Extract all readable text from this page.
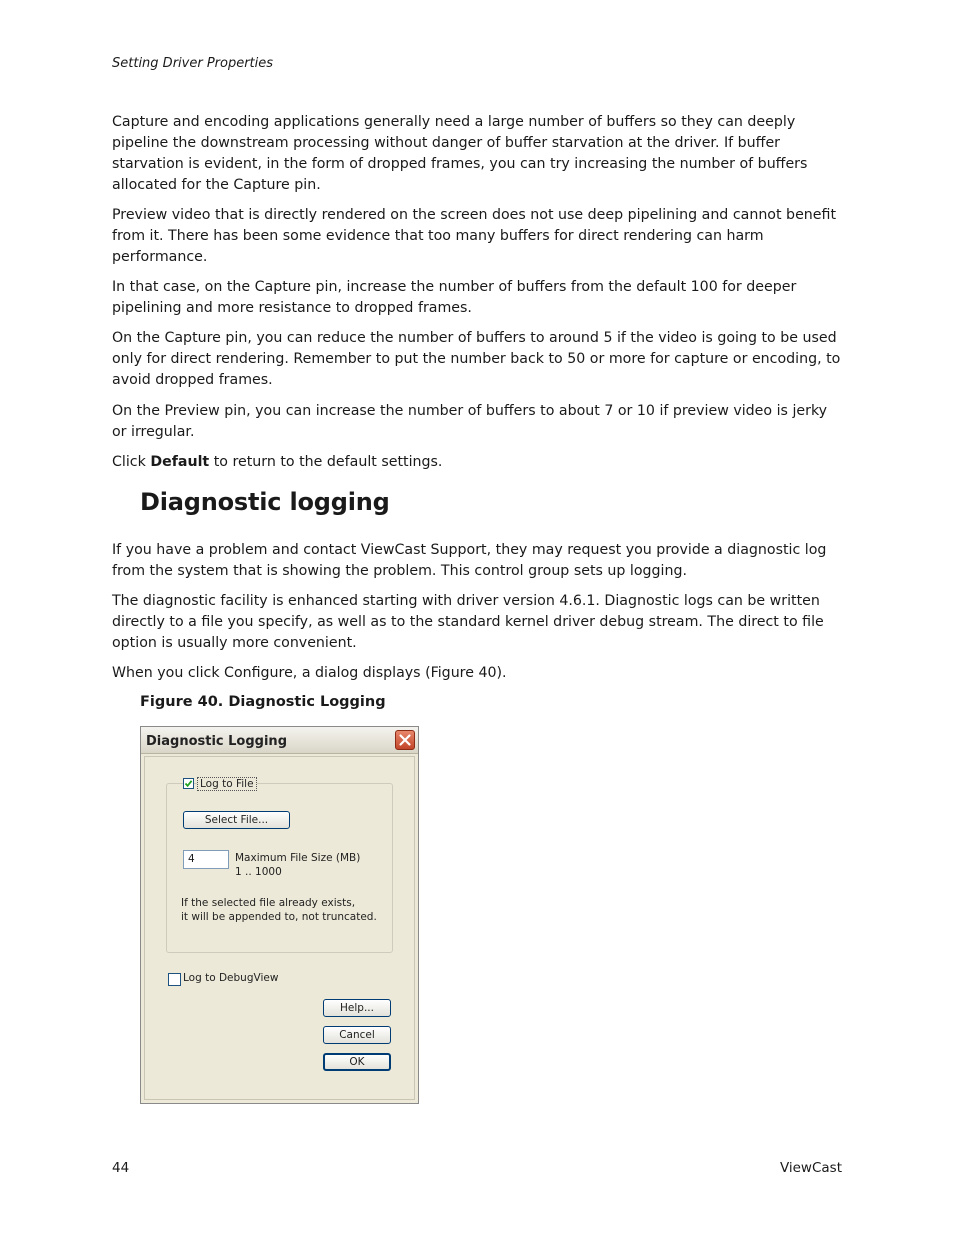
Setting Driver Properties

Capture and encoding applications generally need a large number of buffers so they can deeply pipeline the downstream processing without danger of buffer starvation at the driver. If buffer starvation is evident, in the form of dropped frames, you can try increasing the number of buffers allocated for the Capture pin.

Preview video that is directly rendered on the screen does not use deep pipelining and cannot benefit from it. There has been some evidence that too many buffers for direct rendering can harm performance.

In that case, on the Capture pin, increase the number of buffers from the default 100 for deeper pipelining and more resistance to dropped frames.

On the Capture pin, you can reduce the number of buffers to around 5 if the video is going to be used only for direct rendering. Remember to put the number back to 50 or more for capture or encoding, to avoid dropped frames.

On the Preview pin, you can increase the number of buffers to about 7 or 10 if preview video is jerky or irregular.

Click Default to return to the default settings.

Diagnostic logging

If you have a problem and contact ViewCast Support, they may request you provide a diagnostic log from the system that is showing the problem. This control group sets up logging.

The diagnostic facility is enhanced starting with driver version 4.6.1. Diagnostic logs can be written directly to a file you specify, as well as to the standard kernel driver debug stream. The direct to file option is usually more convenient.

When you click Configure, a dialog displays (Figure 40).

Figure 40. Diagnostic Logging
Diagnostic Logging
Log to File
Select File...
4	Maximum File Size (MB)
1 .. 1000
If the selected file already exists,
it will be appended to, not truncated.
Log to DebugView
Help...
Cancel
OK
44	ViewCast
